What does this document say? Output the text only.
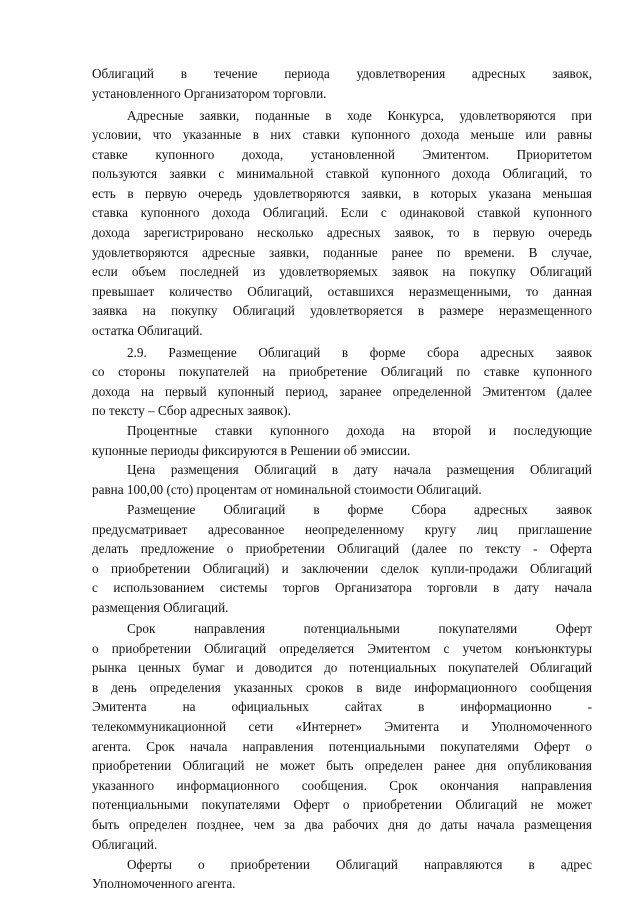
Облигаций в течение периода удовлетворения адресных заявок,
установленного Организатором торговли.
Адресные заявки, поданные в ходе Конкурса, удовлетворяются при
условии, что указанные в них ставки купонного дохода меньше или равны
ставке купонного дохода, установленной Эмитентом. Приоритетом
пользуются заявки с минимальной ставкой купонного дохода Облигаций, то
есть в первую очередь удовлетворяются заявки, в которых указана меньшая
ставка купонного дохода Облигаций. Если с одинаковой ставкой купонного
дохода зарегистрировано несколько адресных заявок, то в первую очередь
удовлетворяются адресные заявки, поданные ранее по времени. В случае,
если объем последней из удовлетворяемых заявок на покупку Облигаций
превышает количество Облигаций, оставшихся неразмещенными, то данная
заявка на покупку Облигаций удовлетворяется в размере неразмещенного
остатка Облигаций.
2.9. Размещение Облигаций в форме сбора адресных заявок
со стороны покупателей на приобретение Облигаций по ставке купонного
дохода на первый купонный период, заранее определенной Эмитентом (далее
по тексту – Сбор адресных заявок).
Процентные ставки купонного дохода на второй и последующие
купонные периоды фиксируются в Решении об эмиссии.
Цена размещения Облигаций в дату начала размещения Облигаций
равна 100,00 (сто) процентам от номинальной стоимости Облигаций.
Размещение Облигаций в форме Сбора адресных заявок
предусматривает адресованное неопределенному кругу лиц приглашение
делать предложение о приобретении Облигаций (далее по тексту - Оферта
о приобретении Облигаций) и заключении сделок купли-продажи Облигаций
с использованием системы торгов Организатора торговли в дату начала
размещения Облигаций.
Срок направления потенциальными покупателями Оферт
о приобретении Облигаций определяется Эмитентом с учетом конъюнктуры
рынка ценных бумаг и доводится до потенциальных покупателей Облигаций
в день определения указанных сроков в виде информационного сообщения
Эмитента на официальных сайтах в информационно -
телекоммуникационной сети «Интернет» Эмитента и Уполномоченного
агента. Срок начала направления потенциальными покупателями Оферт о
приобретении Облигаций не может быть определен ранее дня опубликования
указанного информационного сообщения. Срок окончания направления
потенциальными покупателями Оферт о приобретении Облигаций не может
быть определен позднее, чем за два рабочих дня до даты начала размещения
Облигаций.
Оферты о приобретении Облигаций направляются в адрес
Уполномоченного агента.
